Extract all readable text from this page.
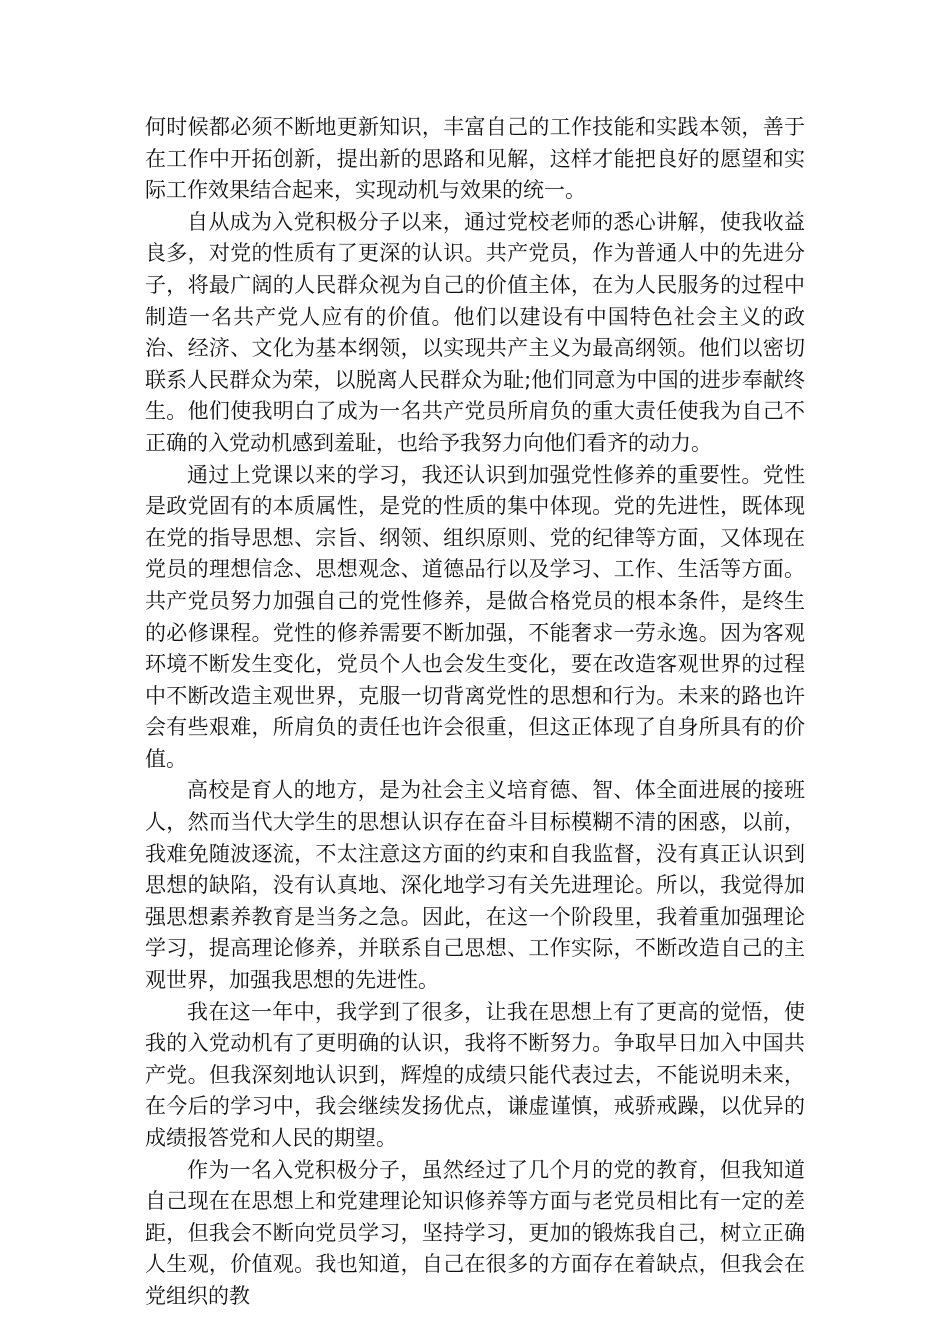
何时候都必须不断地更新知识，丰富自己的工作技能和实践本领，善于在工作中开拓创新，提出新的思路和见解，这样才能把良好的愿望和实际工作效果结合起来，实现动机与效果的统一。

自从成为入党积极分子以来，通过党校老师的悉心讲解，使我收益良多，对党的性质有了更深的认识。共产党员，作为普通人中的先进分子，将最广阔的人民群众视为自己的价值主体，在为人民服务的过程中制造一名共产党人应有的价值。他们以建设有中国特色社会主义的政治、经济、文化为基本纲领，以实现共产主义为最高纲领。他们以密切联系人民群众为荣，以脱离人民群众为耻;他们同意为中国的进步奉献终生。他们使我明白了成为一名共产党员所肩负的重大责任使我为自己不正确的入党动机感到羞耻，也给予我努力向他们看齐的动力。

通过上党课以来的学习，我还认识到加强党性修养的重要性。党性是政党固有的本质属性，是党的性质的集中体现。党的先进性，既体现在党的指导思想、宗旨、纲领、组织原则、党的纪律等方面，又体现在党员的理想信念、思想观念、道德品行以及学习、工作、生活等方面。共产党员努力加强自己的党性修养，是做合格党员的根本条件，是终生的必修课程。党性的修养需要不断加强，不能奢求一劳永逸。因为客观环境不断发生变化，党员个人也会发生变化，要在改造客观世界的过程中不断改造主观世界，克服一切背离党性的思想和行为。未来的路也许会有些艰难，所肩负的责任也许会很重，但这正体现了自身所具有的价值。

高校是育人的地方，是为社会主义培育德、智、体全面进展的接班人，然而当代大学生的思想认识存在奋斗目标模糊不清的困惑，以前，我难免随波逐流，不太注意这方面的约束和自我监督，没有真正认识到思想的缺陷，没有认真地、深化地学习有关先进理论。所以，我觉得加强思想素养教育是当务之急。因此，在这一个阶段里，我着重加强理论学习，提高理论修养，并联系自己思想、工作实际，不断改造自己的主观世界，加强我思想的先进性。

我在这一年中，我学到了很多，让我在思想上有了更高的觉悟，使我的入党动机有了更明确的认识，我将不断努力。争取早日加入中国共产党。但我深刻地认识到，辉煌的成绩只能代表过去，不能说明未来，在今后的学习中，我会继续发扬优点，谦虚谨慎，戒骄戒躁，以优异的成绩报答党和人民的期望。

作为一名入党积极分子，虽然经过了几个月的党的教育，但我知道自己现在在思想上和党建理论知识修养等方面与老党员相比有一定的差距，但我会不断向党员学习，坚持学习，更加的锻炼我自己，树立正确人生观，价值观。我也知道，自己在很多的方面存在着缺点，但我会在党组织的教
